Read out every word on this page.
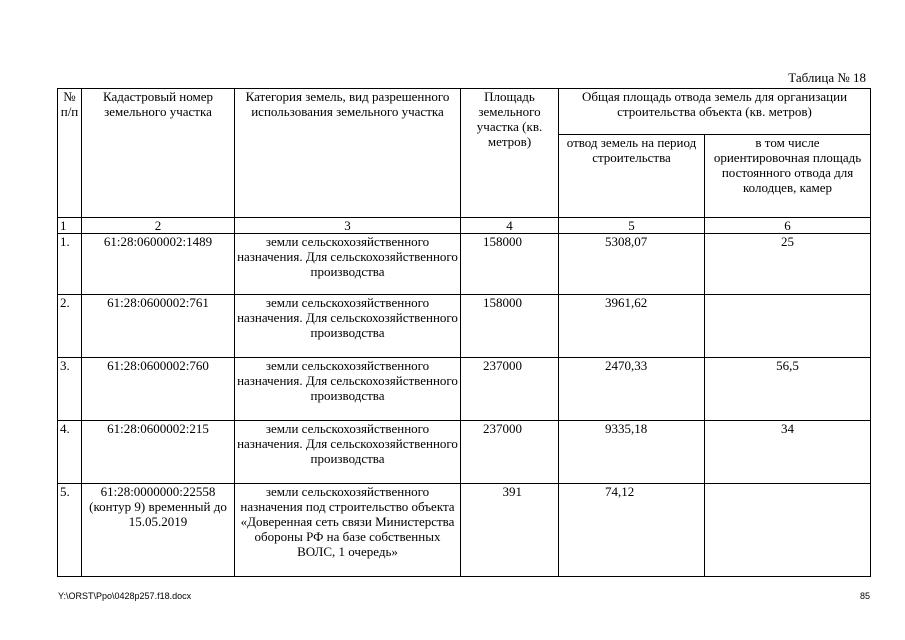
Таблица № 18
№ п/п	Кадастровый номер земельного участка	Категория земель, вид разрешенного использования земельного участка	Площадь земельного участка (кв. метров)	Общая площадь отвода земель для организации строительства объекта (кв. метров)	
				отвод земель на период строительства	в том числе ориентировочная площадь постоянного отвода для колодцев, камер
1	2	3	4	5	6
1.	61:28:0600002:1489	земли сельскохозяйственного назначения. Для сельскохозяйственного производства	158000	5308,07	25
2.	61:28:0600002:761	земли сельскохозяйственного назначения. Для сельскохозяйственного производства	158000	3961,62	
3.	61:28:0600002:760	земли сельскохозяйственного назначения. Для сельскохозяйственного производства	237000	2470,33	56,5
4.	61:28:0600002:215	земли сельскохозяйственного назначения. Для сельскохозяйственного производства	237000	9335,18	34
5.	61:28:0000000:22558 (контур 9) временный до 15.05.2019	земли сельскохозяйственного назначения под строительство объекта «Доверенная сеть связи Министерства обороны РФ на базе собственных ВОЛС, 1 очередь»	391	74,12	
Y:\ORST\Ppo\0428p257.f18.docx	85
